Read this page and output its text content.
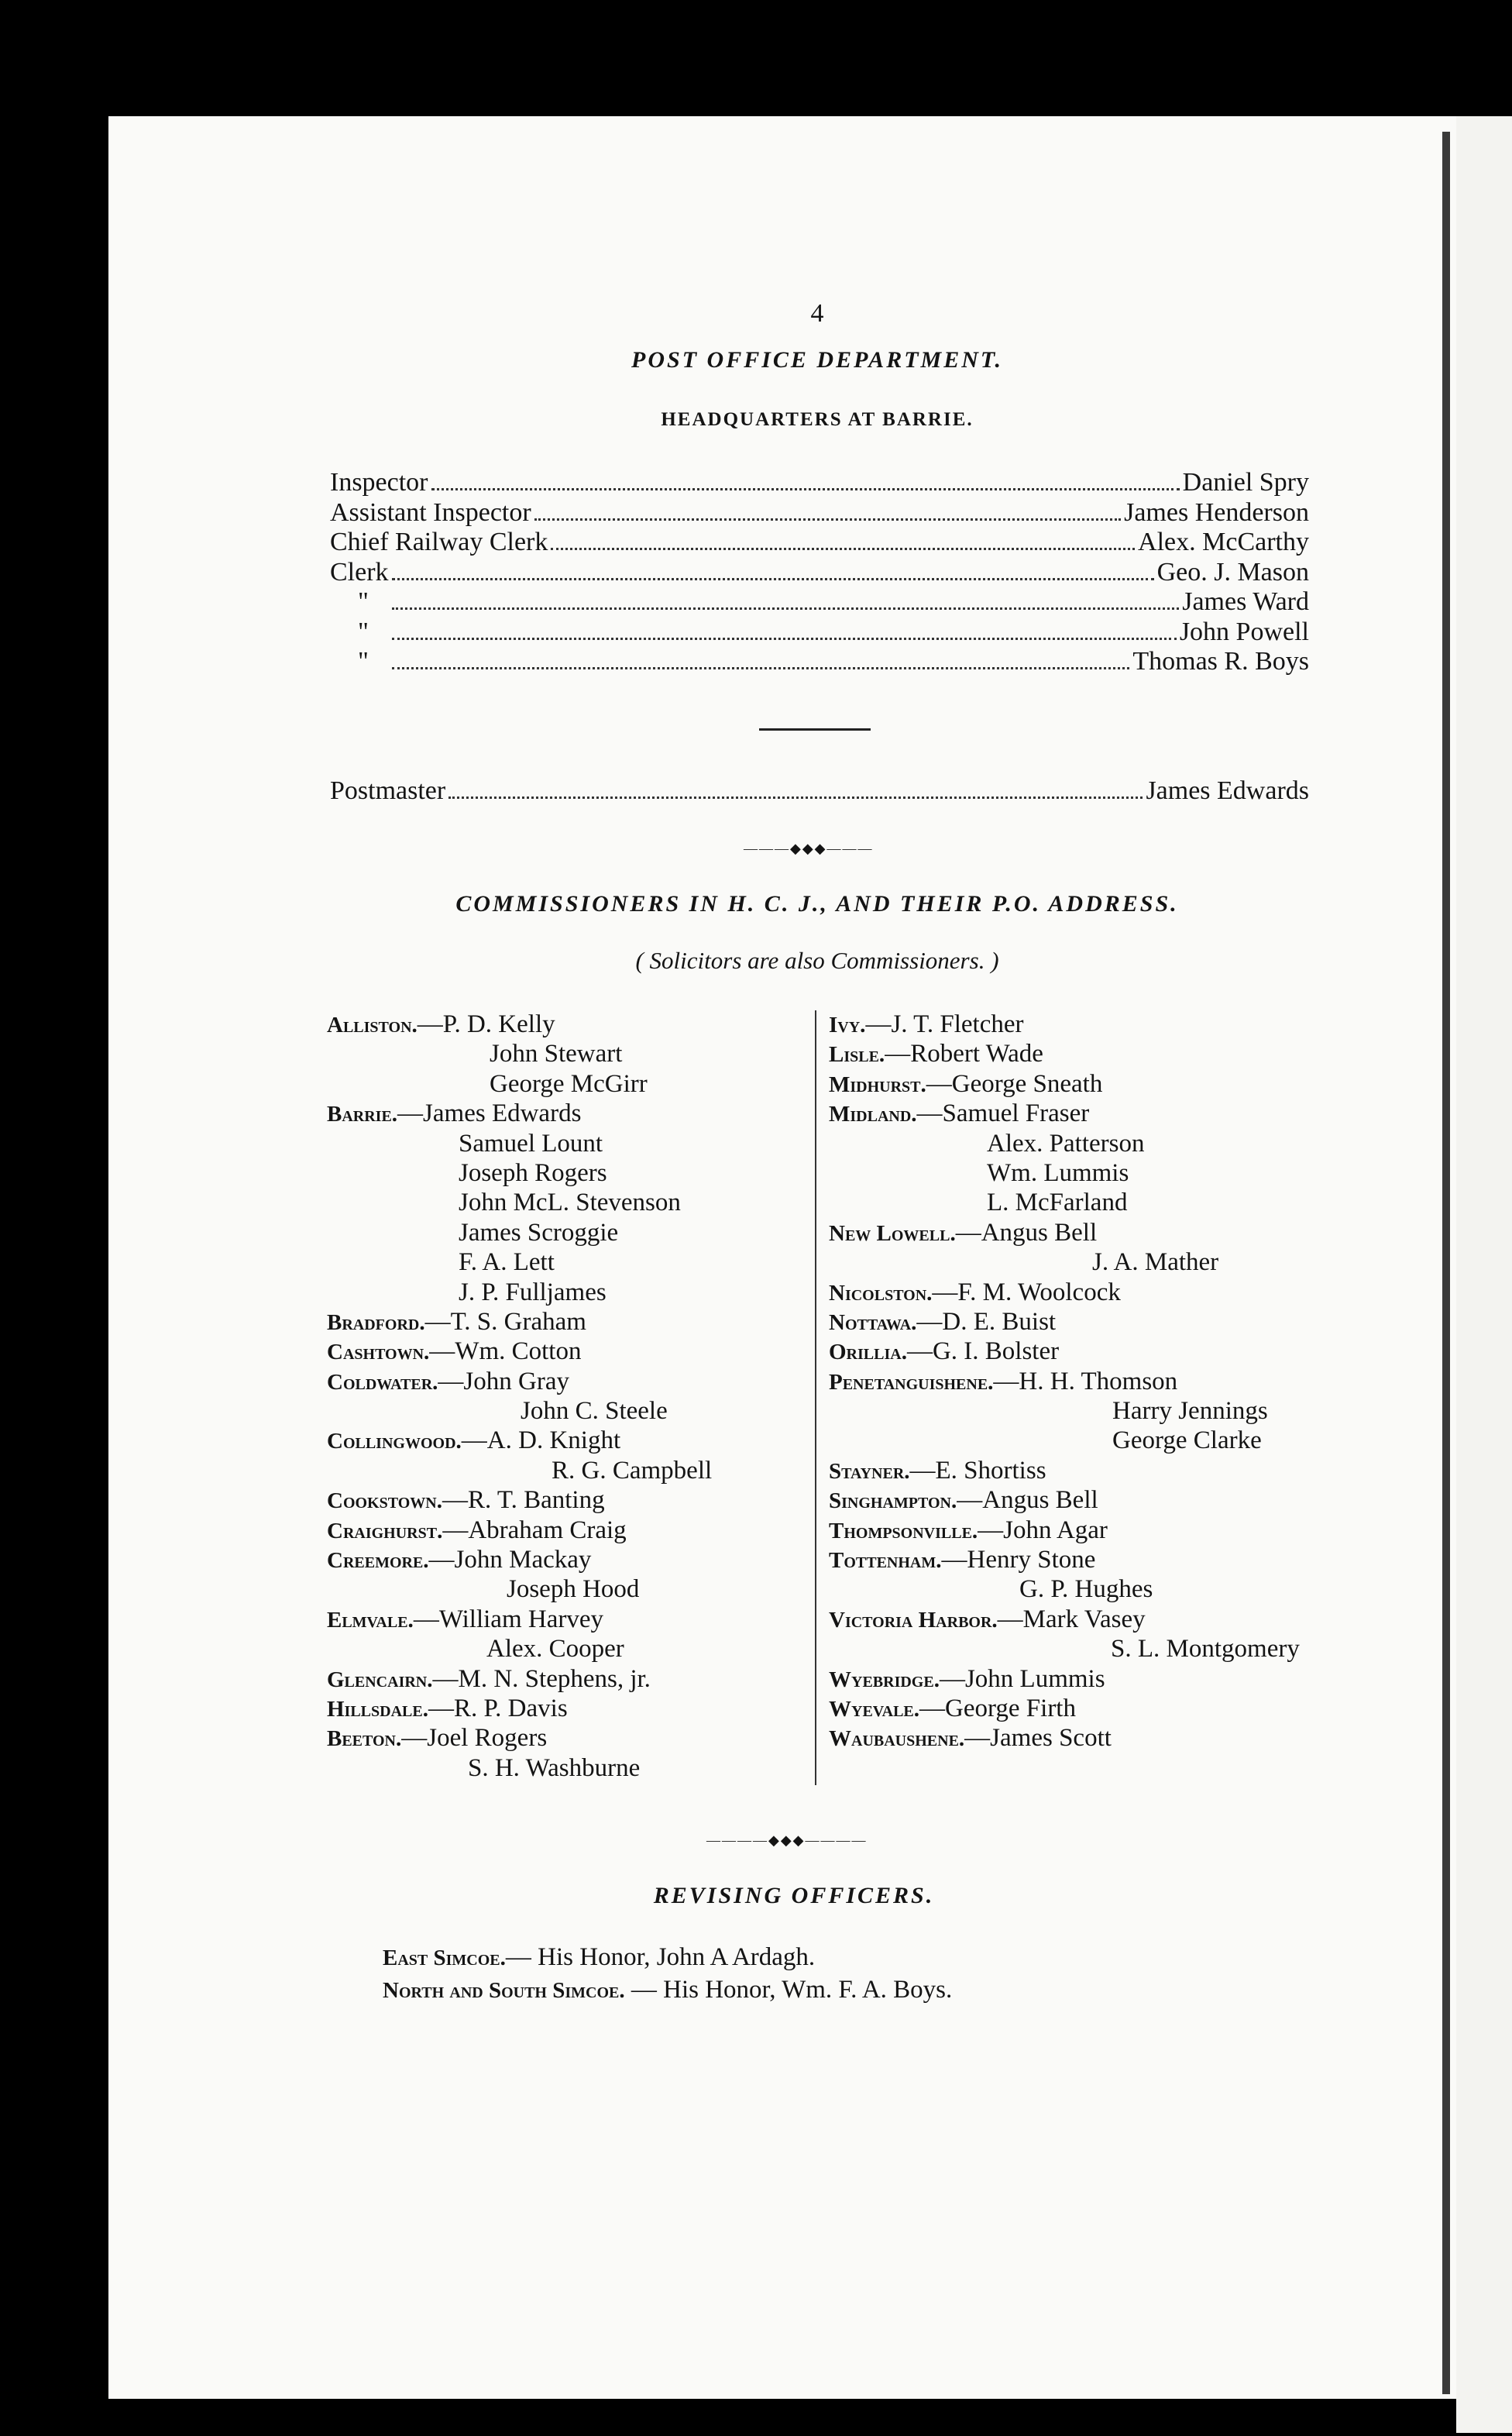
4
POST OFFICE DEPARTMENT.
HEADQUARTERS AT BARRIE.
Inspector	Daniel Spry
Assistant Inspector	James Henderson
Chief Railway Clerk	Alex. McCarthy
Clerk	Geo. J. Mason
"	James Ward
"	John Powell
"	Thomas R. Boys
Postmaster	James Edwards
———◆◆◆———
COMMISSIONERS IN H. C. J., AND THEIR P.O. ADDRESS.
( Solicitors are also Commissioners. )
Alliston.—P. D. Kelly
John Stewart
George McGirr
Barrie.—James Edwards
Samuel Lount
Joseph Rogers
John McL. Stevenson
James Scroggie
F. A. Lett
J. P. Fulljames
Bradford.—T. S. Graham
Cashtown.—Wm. Cotton
Coldwater.—John Gray
John C. Steele
Collingwood.—A. D. Knight
R. G. Campbell
Cookstown.—R. T. Banting
Craighurst.—Abraham Craig
Creemore.—John Mackay
Joseph Hood
Elmvale.—William Harvey
Alex. Cooper
Glencairn.—M. N. Stephens, jr.
Hillsdale.—R. P. Davis
Beeton.—Joel Rogers
S. H. Washburne
Ivy.—J. T. Fletcher
Lisle.—Robert Wade
Midhurst.—George Sneath
Midland.—Samuel Fraser
Alex. Patterson
Wm. Lummis
L. McFarland
New Lowell.—Angus Bell
J. A. Mather
Nicolston.—F. M. Woolcock
Nottawa.—D. E. Buist
Orillia.—G. I. Bolster
Penetanguishene.—H. H. Thomson
Harry Jennings
George Clarke
Stayner.—E. Shortiss
Singhampton.—Angus Bell
Thompsonville.—John Agar
Tottenham.—Henry Stone
G. P. Hughes
Victoria Harbor.—Mark Vasey
S. L. Montgomery
Wyebridge.—John Lummis
Wyevale.—George Firth
Waubaushene.—James Scott
————◆◆◆————
REVISING OFFICERS.
East Simcoe.— His Honor, John A Ardagh.
North and South Simcoe. — His Honor, Wm. F. A. Boys.
